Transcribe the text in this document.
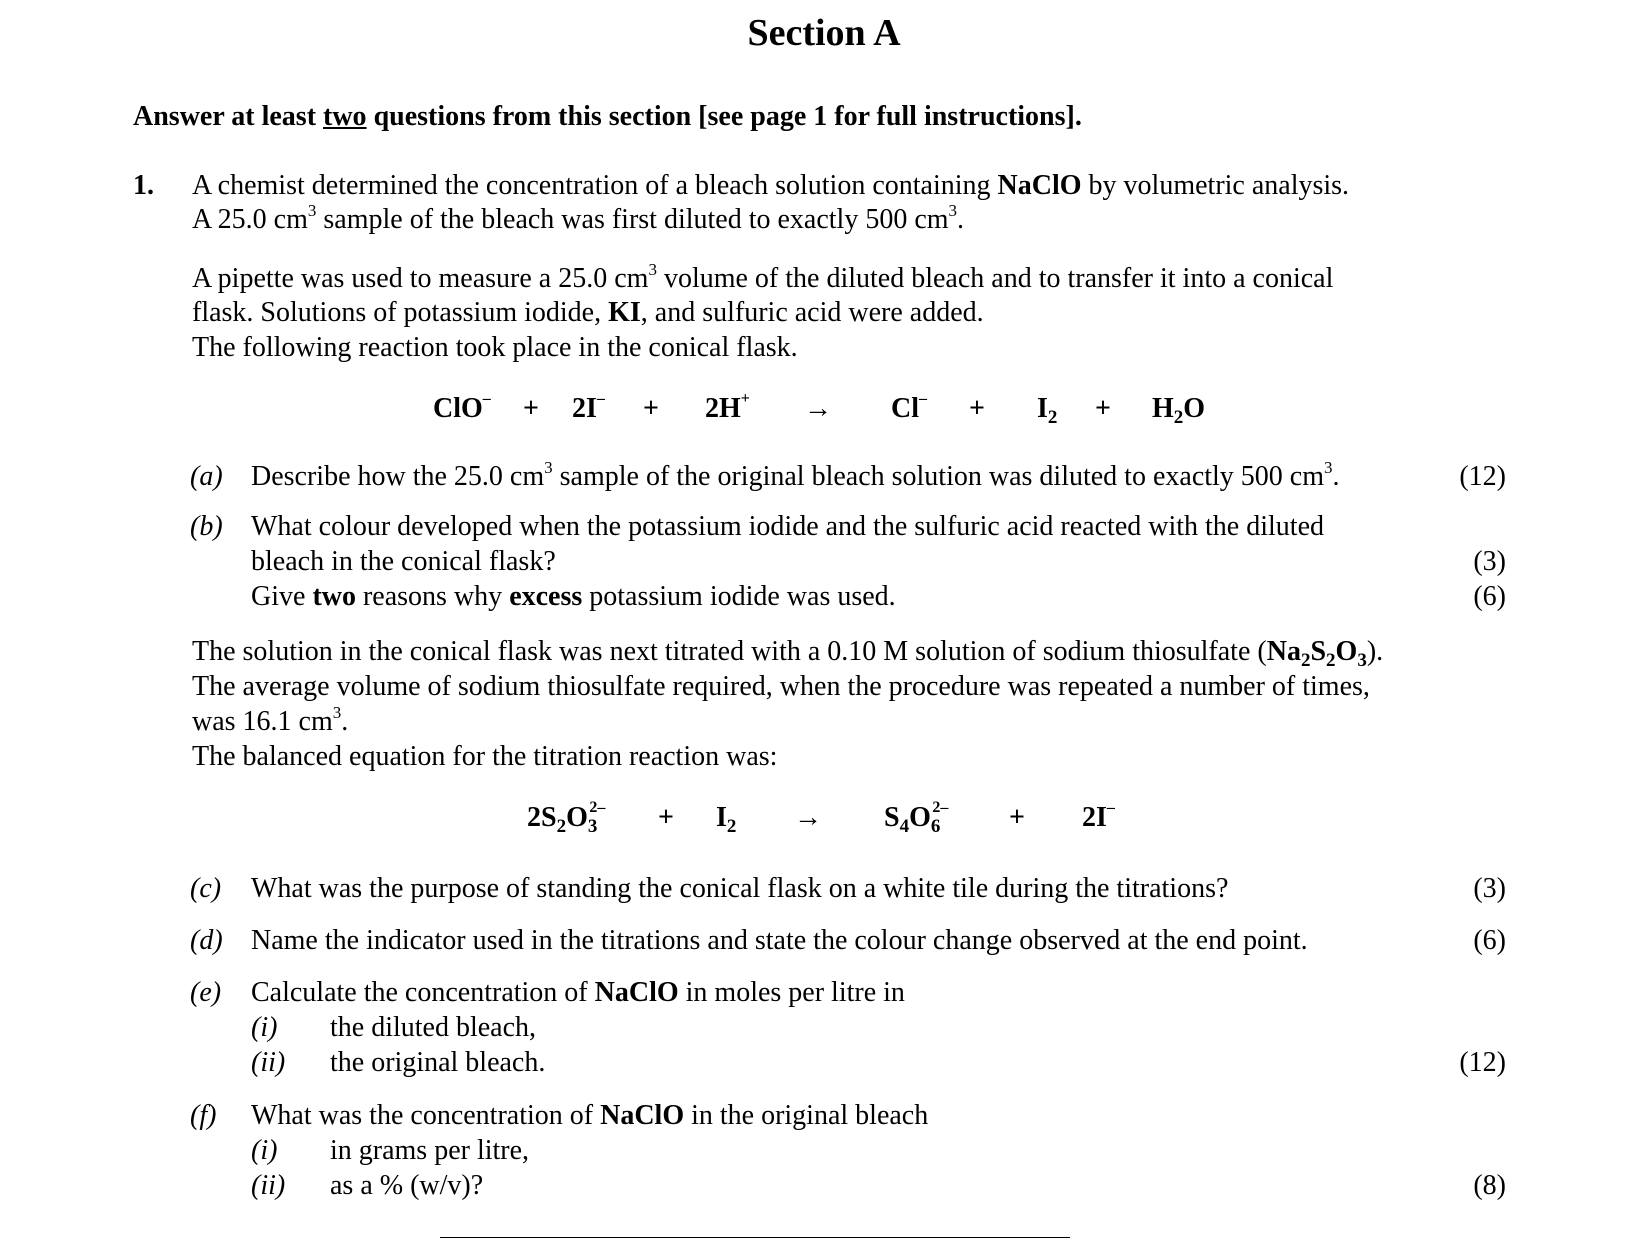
Section A
Answer at least two questions from this section [see page 1 for full instructions].
1. A chemist determined the concentration of a bleach solution containing NaClO by volumetric analysis.
A 25.0 $cm^3$ sample of the bleach was first diluted to exactly 500 $cm^3$.
A pipette was used to measure a 25.0 $cm^3$ volume of the diluted bleach and to transfer it into a conical
flask. Solutions of potassium iodide, KI, and sulfuric acid were added.
The following reaction took place in the conical flask.
$ClO^- + 2I^- + 2H^+ \to Cl^- + I_2 + H_2O$
(a) Describe how the 25.0 $cm^3$ sample of the original bleach solution was diluted to exactly 500 $cm^3$.	(12)
(b) What colour developed when the potassium iodide and the sulfuric acid reacted with the diluted
bleach in the conical flask?
Give two reasons why excess potassium iodide was used.
(3)
(6)
The solution in the conical flask was next titrated with a 0.10 M solution of sodium thiosulfate $(Na_2S_2O_3)$.
The average volume of sodium thiosulfate required, when the procedure was repeated a number of times,
was 16.1 $cm^3$.
The balanced equation for the titration reaction was:
$2S_2O_3^{2-} + I_2 \to S_4O_6^{2-} + 2I^-$
(c) What was the purpose of standing the conical flask on a white tile during the titrations?	(3)
(d) Name the indicator used in the titrations and state the colour change observed at the end point.	(6)
(e) Calculate the concentration of NaClO in moles per litre in
(i) the diluted bleach,
(ii) the original bleach.	(12)
(f) What was the concentration of NaClO in the original bleach
(i) in grams per litre,
(ii) as a % (w/v)?	(8)
